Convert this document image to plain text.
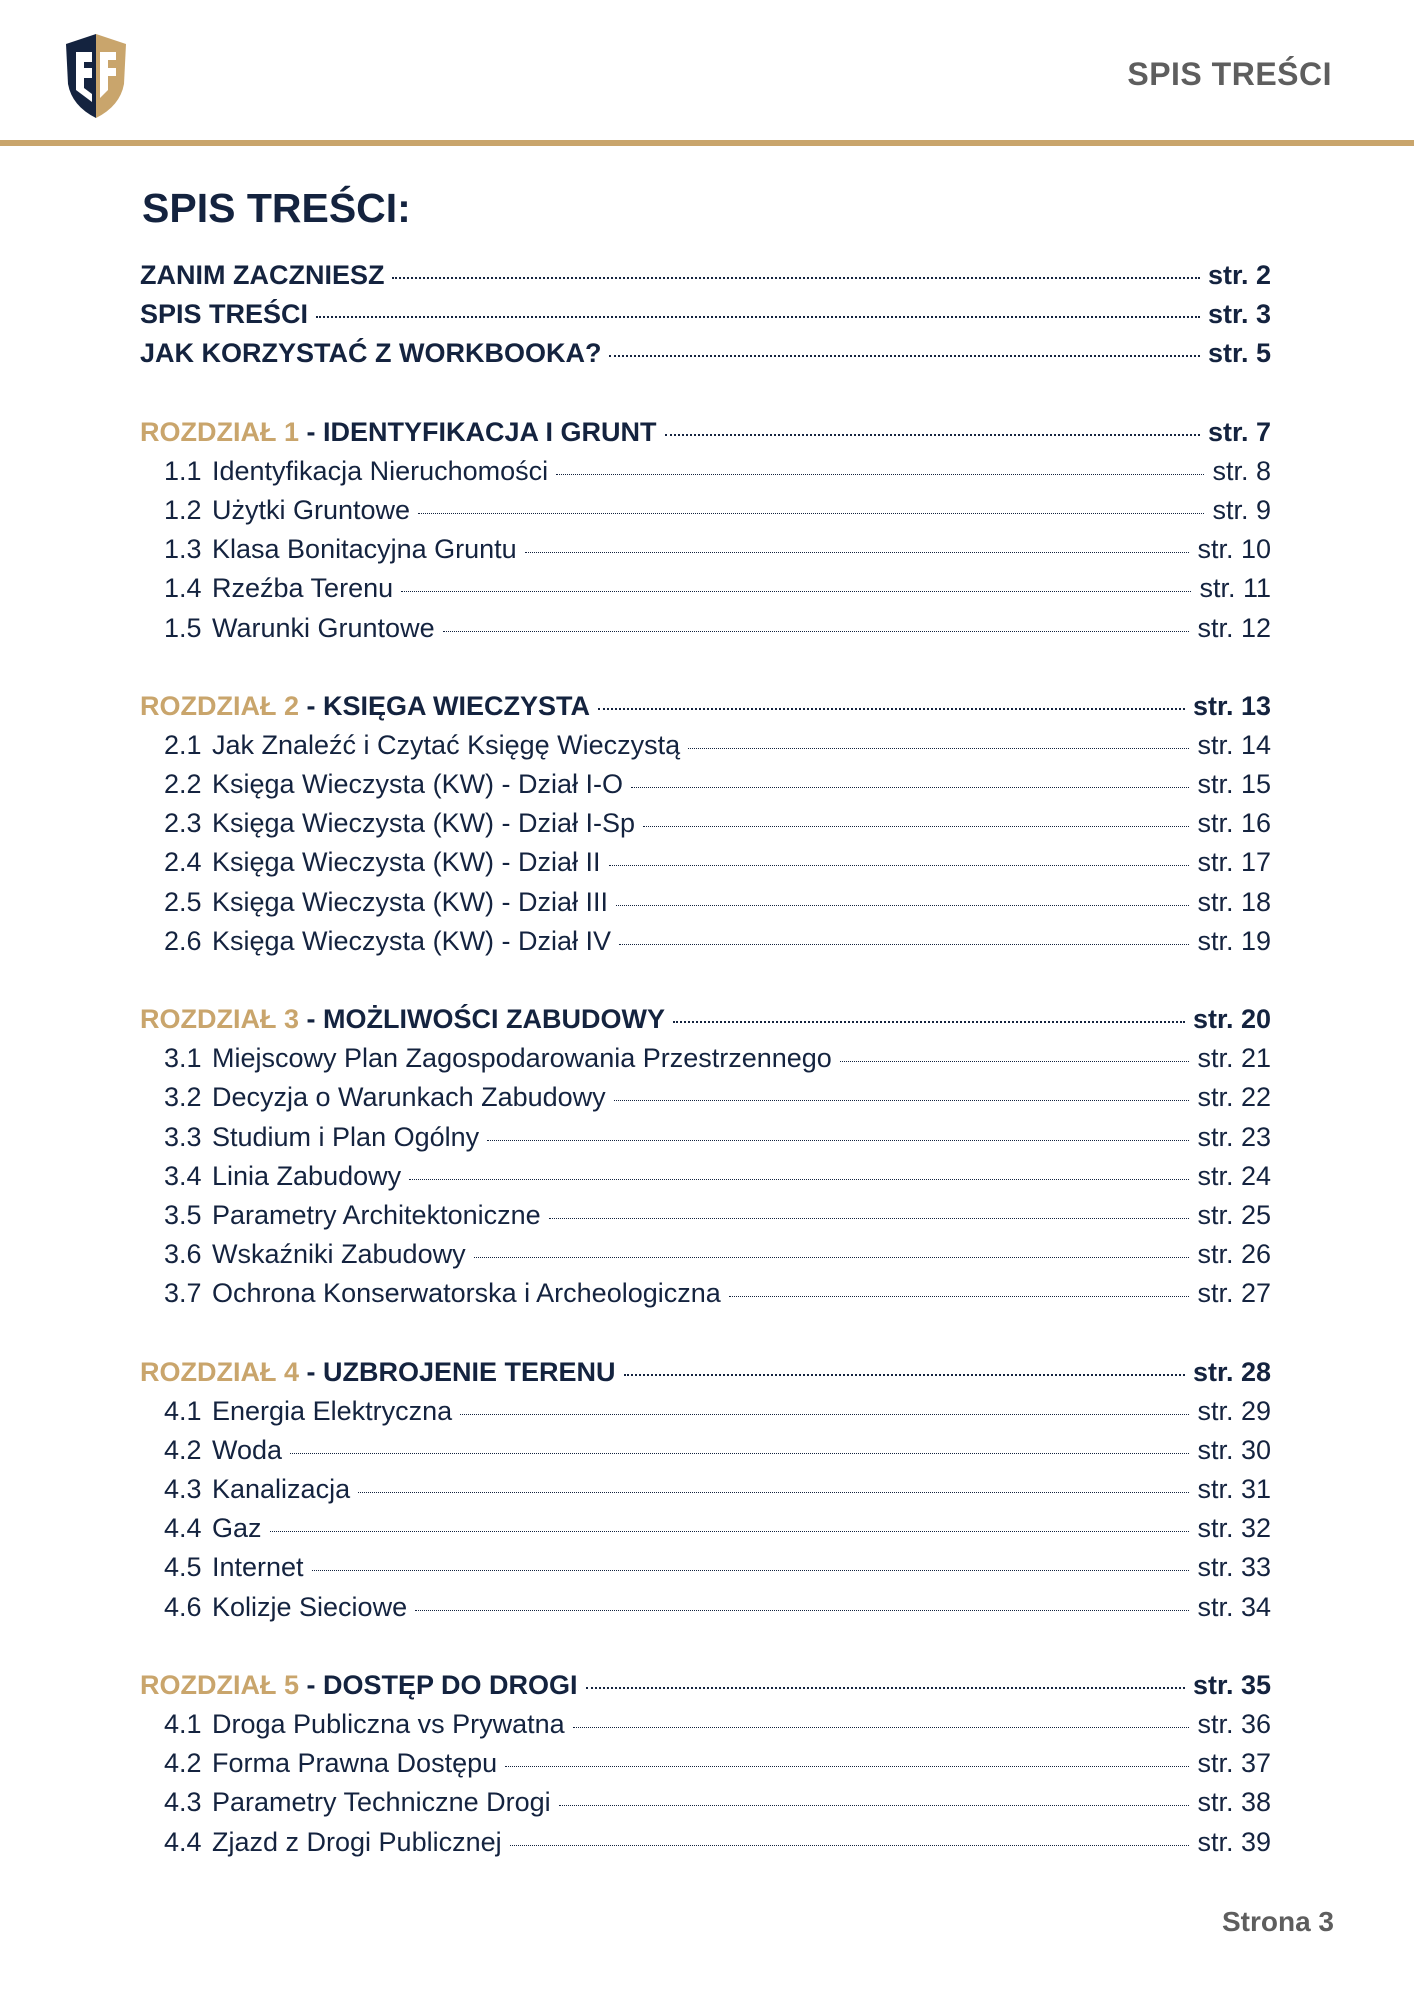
SPIS TREŚCI
SPIS TREŚCI:
ZANIM ZACZNIESZ	str. 2
SPIS TREŚCI	str. 3
JAK KORZYSTAĆ Z WORKBOOKA?	str. 5
ROZDZIAŁ 1 - IDENTYFIKACJA I GRUNT	str. 7
1.1 Identyfikacja Nieruchomości	str. 8
1.2 Użytki Gruntowe	str. 9
1.3 Klasa Bonitacyjna Gruntu	str. 10
1.4 Rzeźba Terenu	str. 11
1.5 Warunki Gruntowe	str. 12
ROZDZIAŁ 2 - KSIĘGA WIECZYSTA	str. 13
2.1 Jak Znaleźć i Czytać Księgę Wieczystą	str. 14
2.2 Księga Wieczysta (KW) - Dział I-O	str. 15
2.3 Księga Wieczysta (KW) - Dział I-Sp	str. 16
2.4 Księga Wieczysta (KW) - Dział II	str. 17
2.5 Księga Wieczysta (KW) - Dział III	str. 18
2.6 Księga Wieczysta (KW) - Dział IV	str. 19
ROZDZIAŁ 3 - MOŻLIWOŚCI ZABUDOWY	str. 20
3.1 Miejscowy Plan Zagospodarowania Przestrzennego	str. 21
3.2 Decyzja o Warunkach Zabudowy	str. 22
3.3 Studium i Plan Ogólny	str. 23
3.4 Linia Zabudowy	str. 24
3.5 Parametry Architektoniczne	str. 25
3.6 Wskaźniki Zabudowy	str. 26
3.7 Ochrona Konserwatorska i Archeologiczna	str. 27
ROZDZIAŁ 4 - UZBROJENIE TERENU	str. 28
4.1 Energia Elektryczna	str. 29
4.2 Woda	str. 30
4.3 Kanalizacja	str. 31
4.4 Gaz	str. 32
4.5 Internet	str. 33
4.6 Kolizje Sieciowe	str. 34
ROZDZIAŁ 5 - DOSTĘP DO DROGI	str. 35
4.1 Droga Publiczna vs Prywatna	str. 36
4.2 Forma Prawna Dostępu	str. 37
4.3 Parametry Techniczne Drogi	str. 38
4.4 Zjazd z Drogi Publicznej	str. 39
Strona 3
